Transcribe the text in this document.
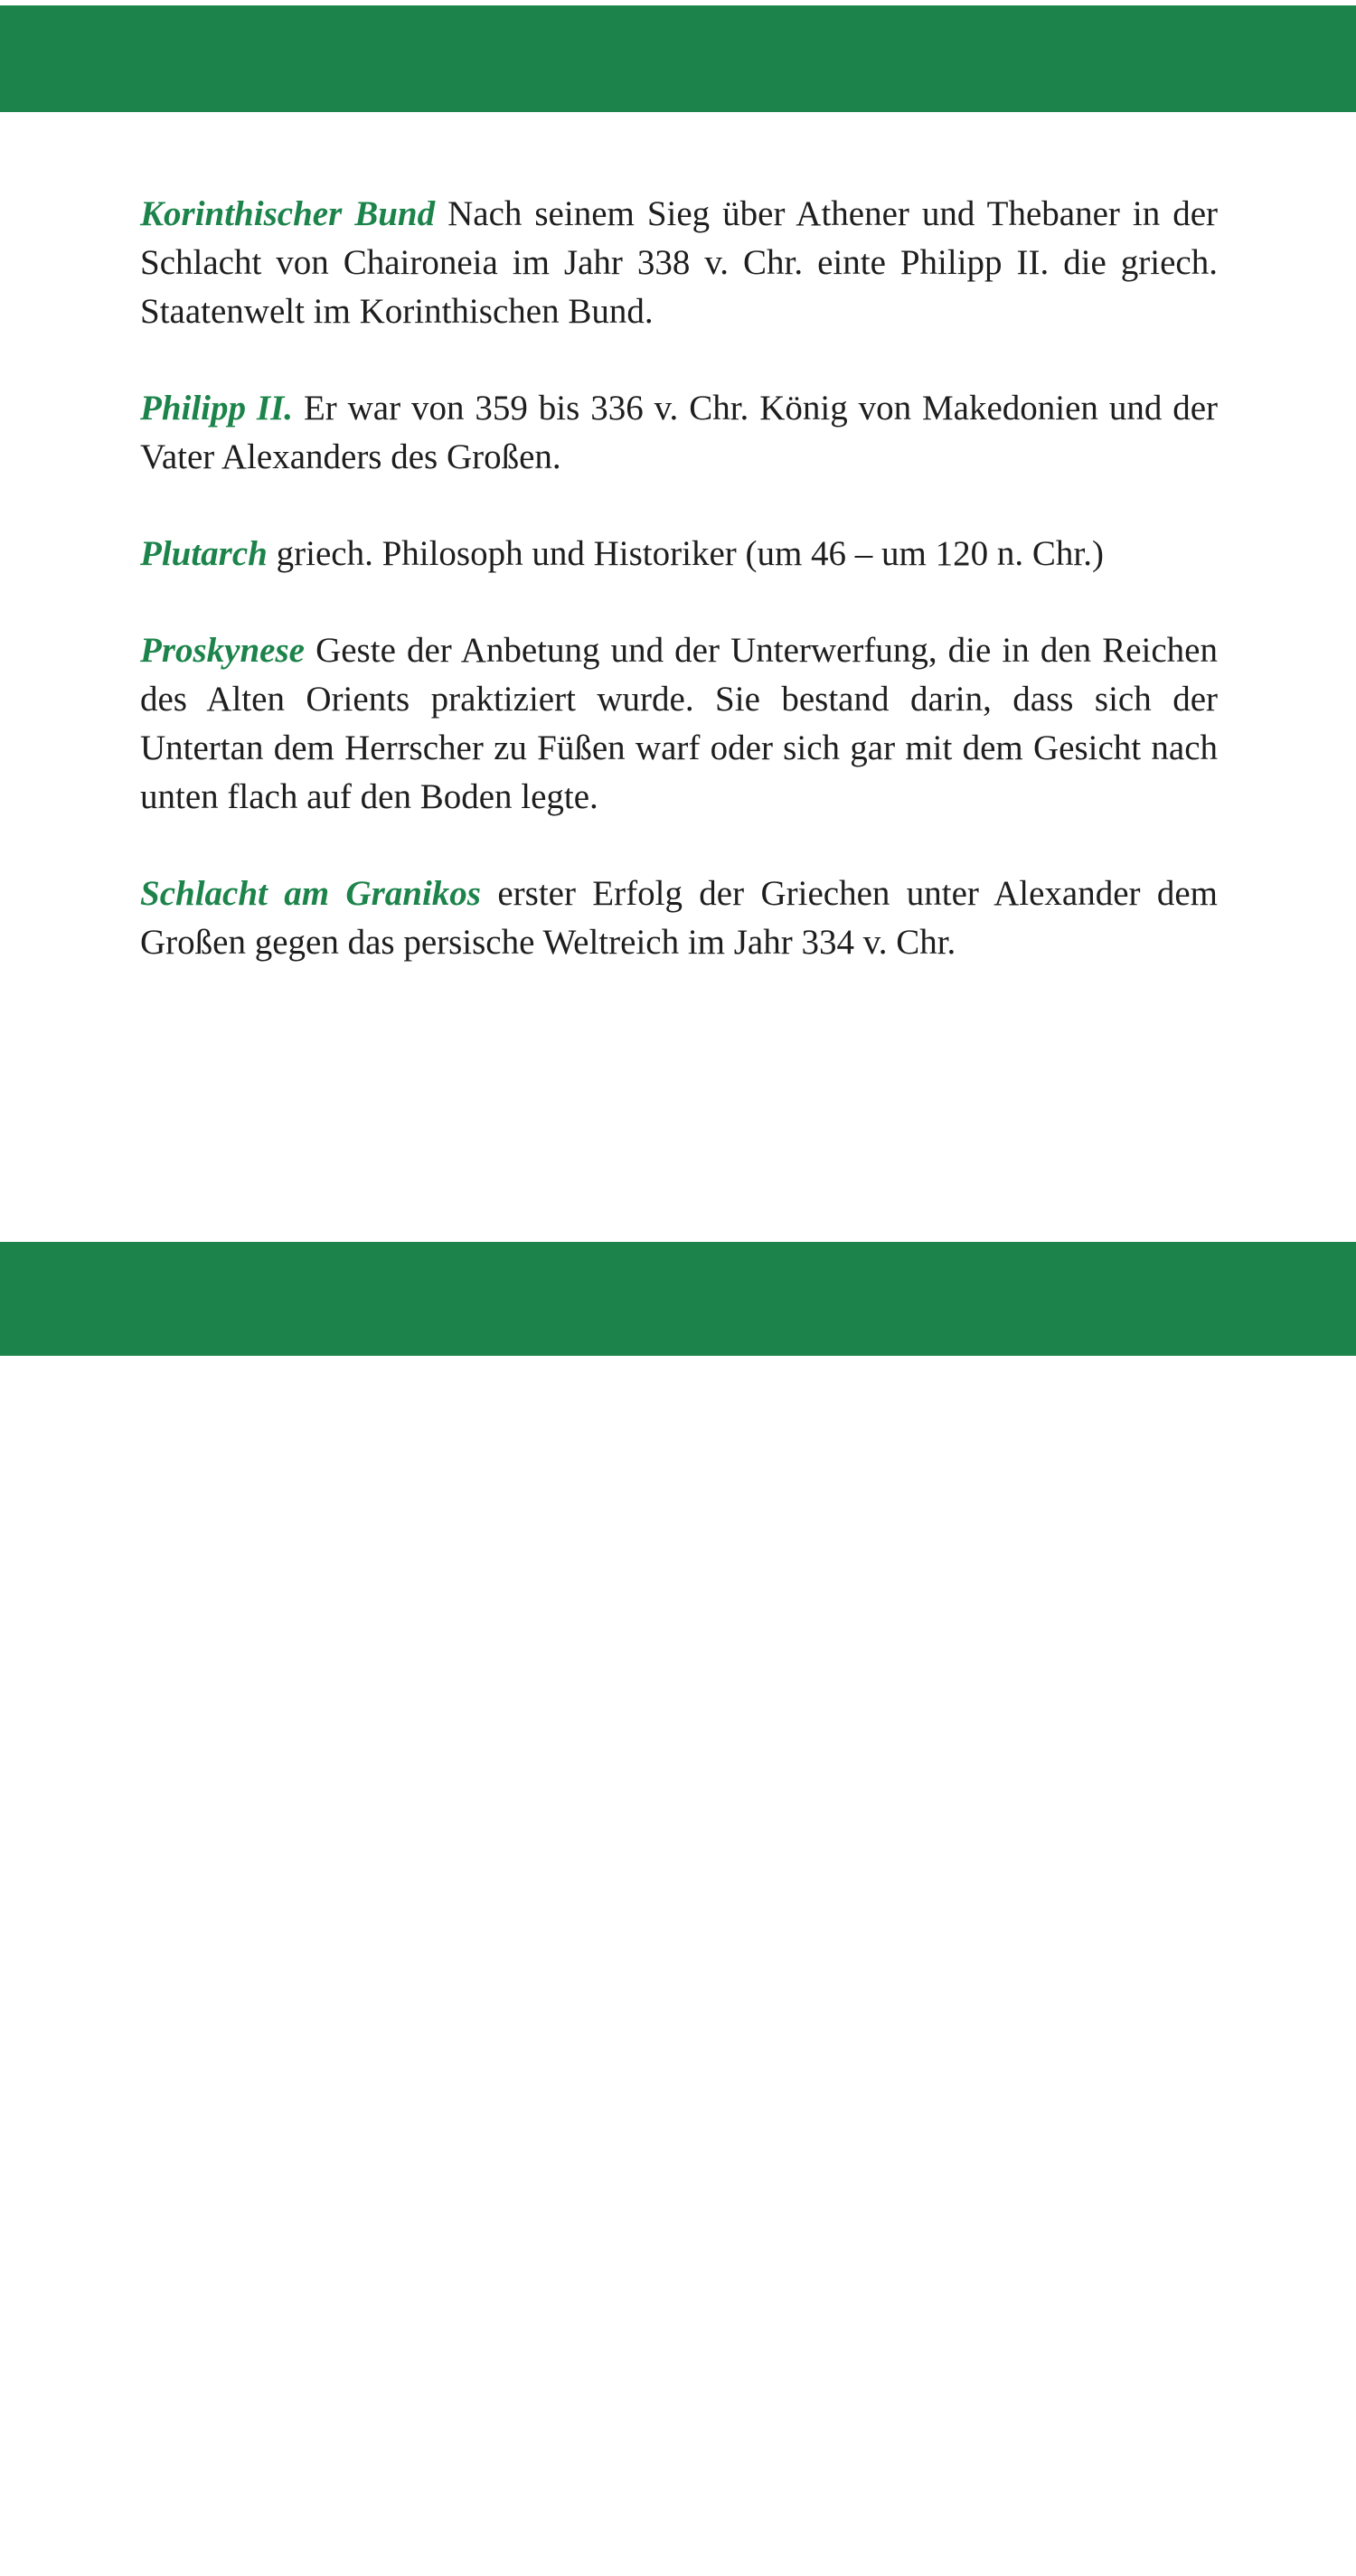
Korinthischer Bund Nach seinem Sieg über Athener und Thebaner in der Schlacht von Chaironeia im Jahr 338 v. Chr. einte Philipp II. die griech. Staatenwelt im Korinthischen Bund.

Philipp II. Er war von 359 bis 336 v. Chr. König von Makedonien und der Vater Alexanders des Großen.

Plutarch griech. Philosoph und Historiker (um 46 – um 120 n. Chr.)

Proskynese Geste der Anbetung und der Unterwerfung, die in den Reichen des Alten Orients praktiziert wurde. Sie bestand darin, dass sich der Untertan dem Herrscher zu Füßen warf oder sich gar mit dem Gesicht nach unten flach auf den Boden legte.

Schlacht am Granikos erster Erfolg der Griechen unter Alexander dem Großen gegen das persische Weltreich im Jahr 334 v. Chr.

9
